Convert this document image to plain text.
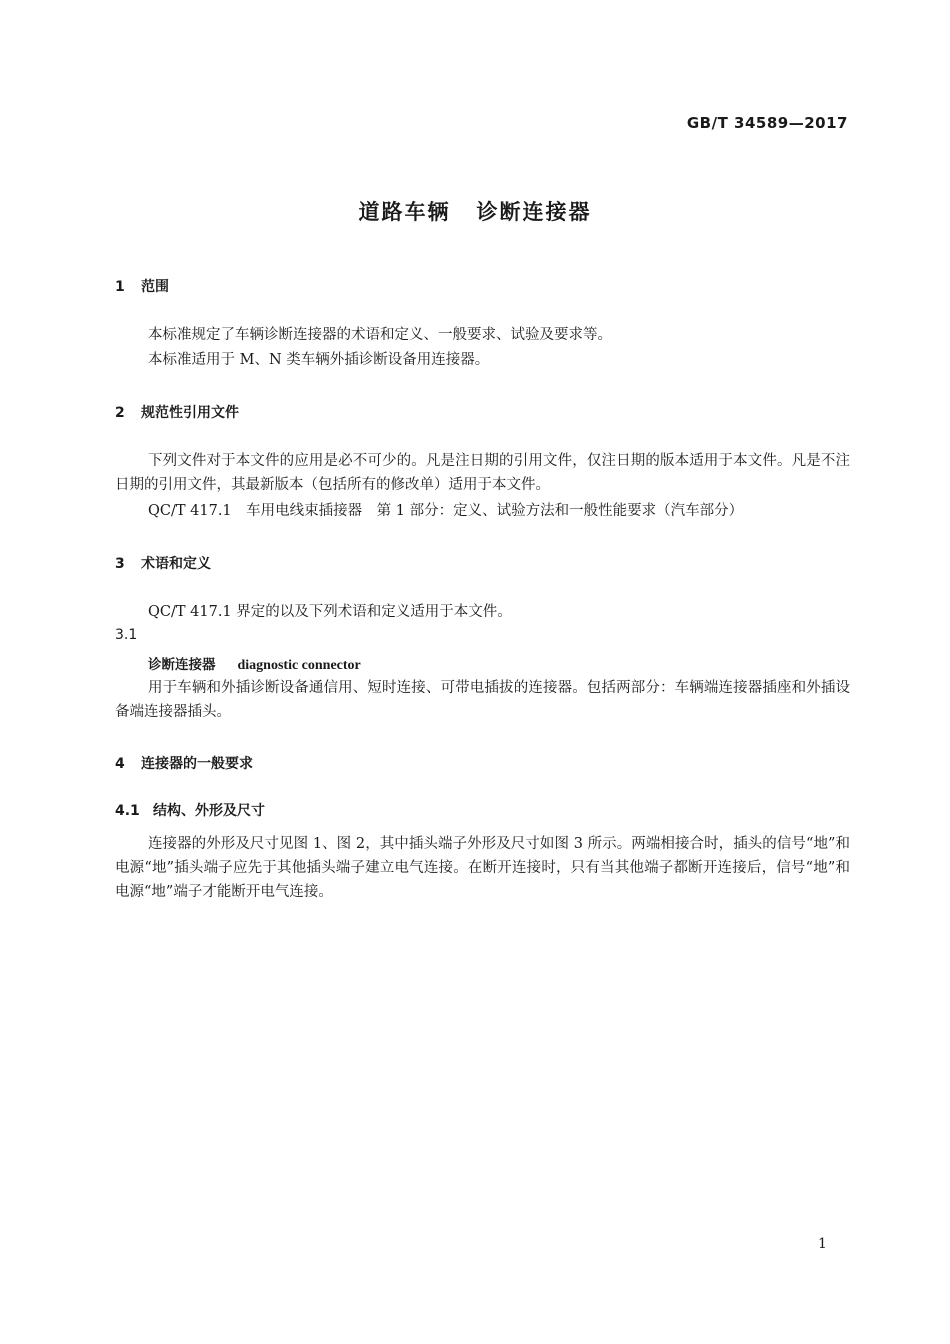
GB/T 34589—2017
道路车辆 诊断连接器
1 范围
本标准规定了车辆诊断连接器的术语和定义、一般要求、试验及要求等。
本标准适用于 M、N 类车辆外插诊断设备用连接器。
2 规范性引用文件
下列文件对于本文件的应用是必不可少的。凡是注日期的引用文件，仅注日期的版本适用于本文件。凡是不注日期的引用文件，其最新版本（包括所有的修改单）适用于本文件。
QC/T 417.1　车用电线束插接器　第 1 部分：定义、试验方法和一般性能要求（汽车部分）
3 术语和定义
QC/T 417.1 界定的以及下列术语和定义适用于本文件。
3.1
诊断连接器 diagnostic connector
用于车辆和外插诊断设备通信用、短时连接、可带电插拔的连接器。包括两部分：车辆端连接器插座和外插设备端连接器插头。
4 连接器的一般要求
4.1 结构、外形及尺寸
连接器的外形及尺寸见图 1、图 2，其中插头端子外形及尺寸如图 3 所示。两端相接合时，插头的信号“地”和电源“地”插头端子应先于其他插头端子建立电气连接。在断开连接时，只有当其他端子都断开连接后，信号“地”和电源“地”端子才能断开电气连接。
1
